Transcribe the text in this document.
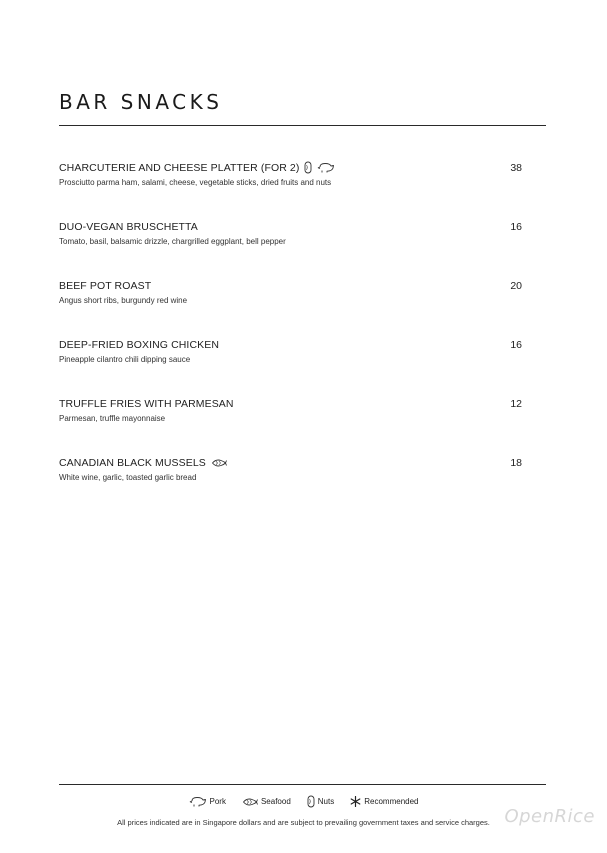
BAR SNACKS
CHARCUTERIE AND CHEESE PLATTER (FOR 2)
Prosciutto parma ham, salami, cheese, vegetable sticks, dried fruits and nuts
38
DUO-VEGAN BRUSCHETTA
Tomato, basil, balsamic drizzle, chargrilled eggplant, bell pepper
16
BEEF POT ROAST
Angus short ribs, burgundy red wine
20
DEEP-FRIED BOXING CHICKEN
Pineapple cilantro chili dipping sauce
16
TRUFFLE FRIES WITH PARMESAN
Parmesan, truffle mayonnaise
12
CANADIAN BLACK MUSSELS
White wine, garlic, toasted garlic bread
18
Pork	Seafood	Nuts	Recommended
All prices indicated are in Singapore dollars and are subject to prevailing government taxes and service charges. OpenRice
